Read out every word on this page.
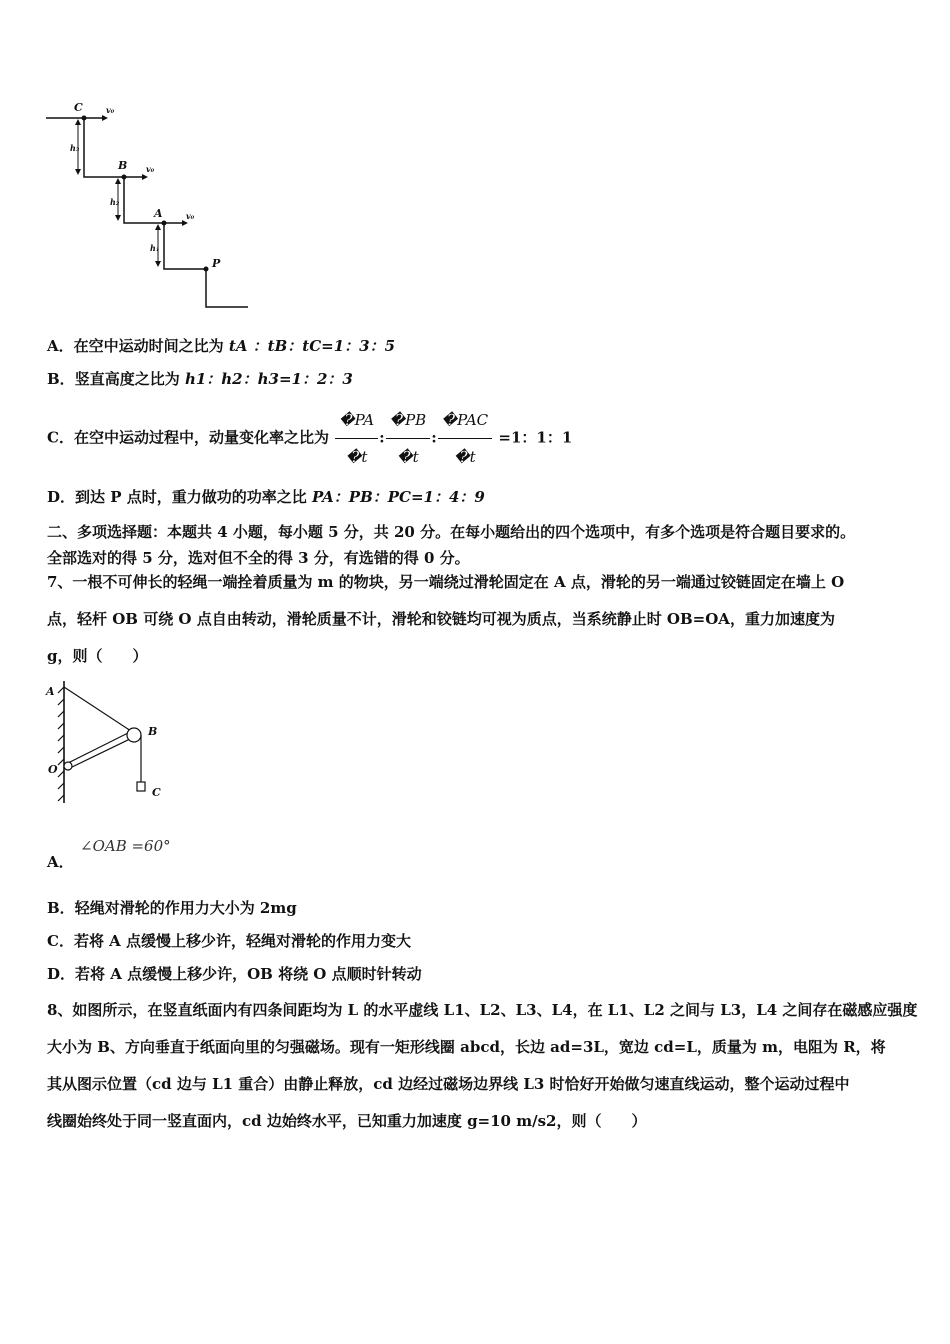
C	v₀
h₃
B v₀
h₂
A	v₀
h₁
P
A．在空中运动时间之比为 tA ：tB：tC=1：3：5
B．竖直高度之比为 h1：h2：h3=1：2：3
C．在空中运动过程中，动量变化率之比为 $\frac{�PA}{�t}$ : $\frac{�PB}{�t}$ : $\frac{\text{�PAC}}{�t} =1$：1：1
D．到达 P 点时，重力做功的功率之比 PA：PB：PC=1：4：9
二、多项选择题：本题共 4 小题，每小题 5 分，共 20 分。在每小题给出的四个选项中，有多个选项是符合题目要求的。
全部选对的得 5 分，选对但不全的得 3 分，有选错的得 0 分。
7、一根不可伸长的轻绳一端拴着质量为 m 的物块，另一端绕过滑轮固定在 A 点，滑轮的另一端通过铰链固定在墙上 O
点，轻杆 OB 可绕 O 点自由转动，滑轮质量不计，滑轮和铰链均可视为质点，当系统静止时 OB=OA，重力加速度为
g，则（　　）
A
B
O
C
A．
∠OAB =60°
B．轻绳对滑轮的作用力大小为 2mg
C．若将 A 点缓慢上移少许，轻绳对滑轮的作用力变大
D．若将 A 点缓慢上移少许，OB 将绕 O 点顺时针转动
8、如图所示，在竖直纸面内有四条间距均为 L 的水平虚线 L1、L2、L3、L4，在 L1、L2 之间与 L3，L4 之间存在磁感应强度
大小为 B、方向垂直于纸面向里的匀强磁场。现有一矩形线圈 abcd，长边 ad=3L，宽边 cd=L，质量为 m，电阻为 R，将
其从图示位置（cd 边与 L1 重合）由静止释放，cd 边经过磁场边界线 L3 时恰好开始做匀速直线运动，整个运动过程中
线圈始终处于同一竖直面内，cd 边始终水平，已知重力加速度 g=10 m/s2，则（　　）
